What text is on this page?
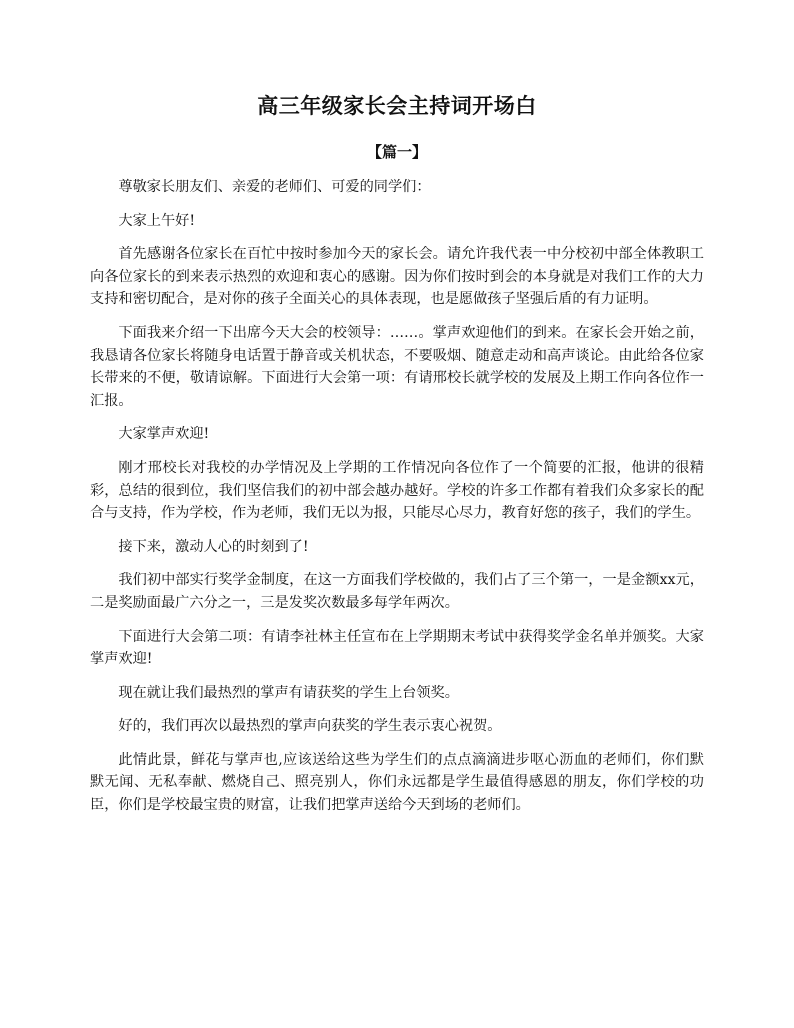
高三年级家长会主持词开场白
【篇一】

尊敬家长朋友们、亲爱的老师们、可爱的同学们：

大家上午好!

首先感谢各位家长在百忙中按时参加今天的家长会。请允许我代表一中分校初中部全体教职工向各位家长的到来表示热烈的欢迎和衷心的感谢。因为你们按时到会的本身就是对我们工作的大力支持和密切配合，是对你的孩子全面关心的具体表现，也是愿做孩子坚强后盾的有力证明。

下面我来介绍一下出席今天大会的校领导：……。掌声欢迎他们的到来。在家长会开始之前，我恳请各位家长将随身电话置于静音或关机状态，不要吸烟、随意走动和高声谈论。由此给各位家长带来的不便，敬请谅解。下面进行大会第一项：有请邢校长就学校的发展及上期工作向各位作一汇报。

大家掌声欢迎!

刚才邢校长对我校的办学情况及上学期的工作情况向各位作了一个简要的汇报，他讲的很精彩，总结的很到位，我们坚信我们的初中部会越办越好。学校的许多工作都有着我们众多家长的配合与支持，作为学校，作为老师，我们无以为报，只能尽心尽力，教育好您的孩子，我们的学生。

接下来，激动人心的时刻到了!

我们初中部实行奖学金制度，在这一方面我们学校做的，我们占了三个第一，一是金额xx元，二是奖励面最广六分之一，三是发奖次数最多每学年两次。

下面进行大会第二项：有请李社林主任宣布在上学期期末考试中获得奖学金名单并颁奖。大家掌声欢迎!

现在就让我们最热烈的掌声有请获奖的学生上台领奖。

好的，我们再次以最热烈的掌声向获奖的学生表示衷心祝贺。

此情此景，鲜花与掌声也,应该送给这些为学生们的点点滴滴进步呕心沥血的老师们，你们默默无闻、无私奉献、燃烧自己、照亮别人，你们永远都是学生最值得感恩的朋友，你们学校的功臣，你们是学校最宝贵的财富，让我们把掌声送给今天到场的老师们。
